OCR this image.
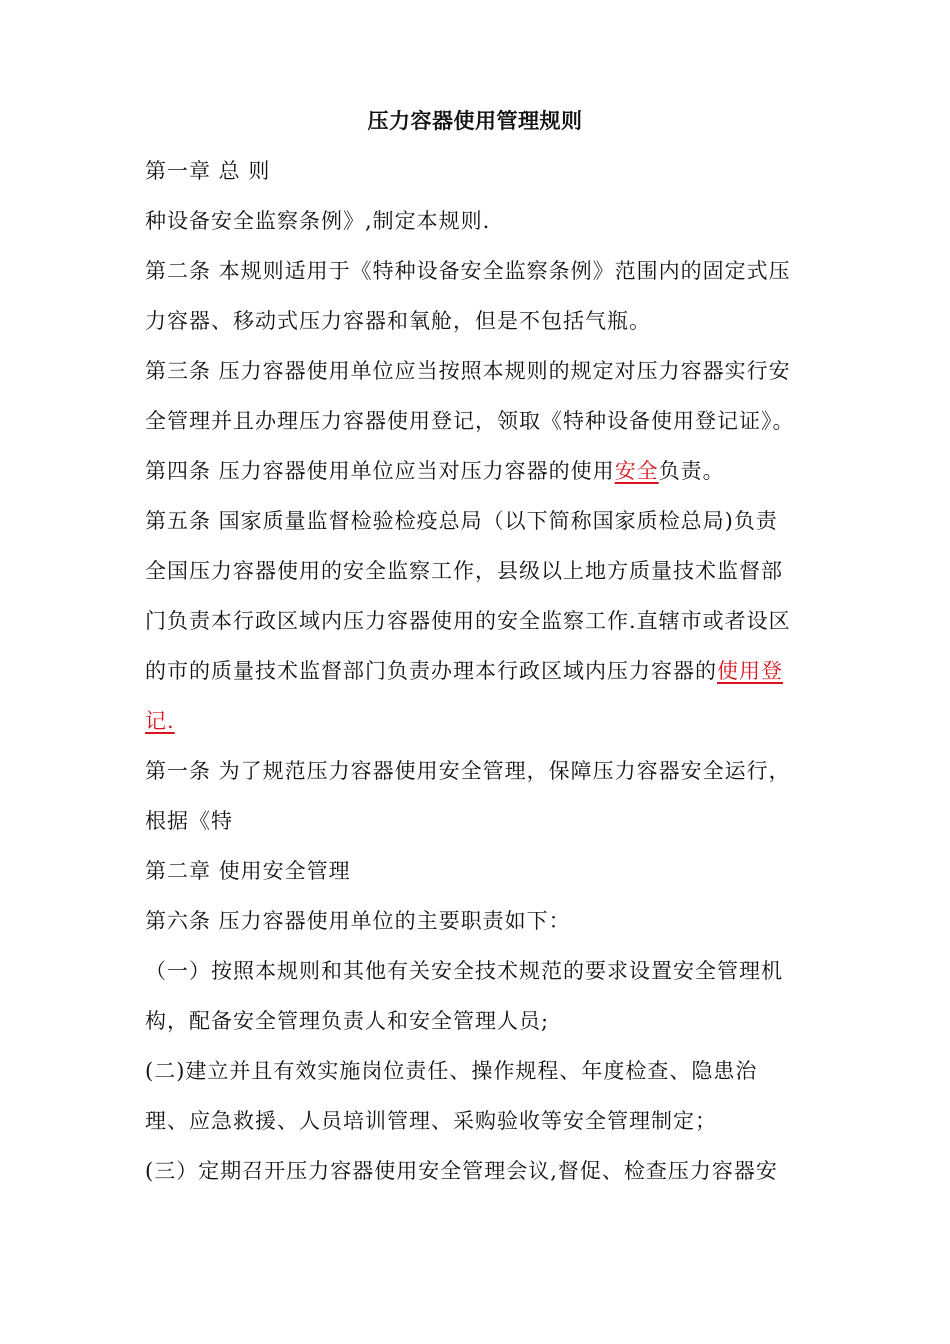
压力容器使用管理规则
第一章 总 则
种设备安全监察条例》,制定本规则.
第二条 本规则适用于《特种设备安全监察条例》范围内的固定式压
力容器、移动式压力容器和氧舱，但是不包括气瓶。
第三条 压力容器使用单位应当按照本规则的规定对压力容器实行安
全管理并且办理压力容器使用登记，领取《特种设备使用登记证》。
第四条 压力容器使用单位应当对压力容器的使用安全负责。
第五条 国家质量监督检验检疫总局（以下简称国家质检总局)负责
全国压力容器使用的安全监察工作，县级以上地方质量技术监督部
门负责本行政区域内压力容器使用的安全监察工作.直辖市或者设区
的市的质量技术监督部门负责办理本行政区域内压力容器的使用登
记.
第一条 为了规范压力容器使用安全管理，保障压力容器安全运行，
根据《特
第二章 使用安全管理
第六条 压力容器使用单位的主要职责如下：
（一）按照本规则和其他有关安全技术规范的要求设置安全管理机
构，配备安全管理负责人和安全管理人员;
(二)建立并且有效实施岗位责任、操作规程、年度检查、隐患治
理、应急救援、人员培训管理、采购验收等安全管理制定；
(三）定期召开压力容器使用安全管理会议,督促、检查压力容器安
